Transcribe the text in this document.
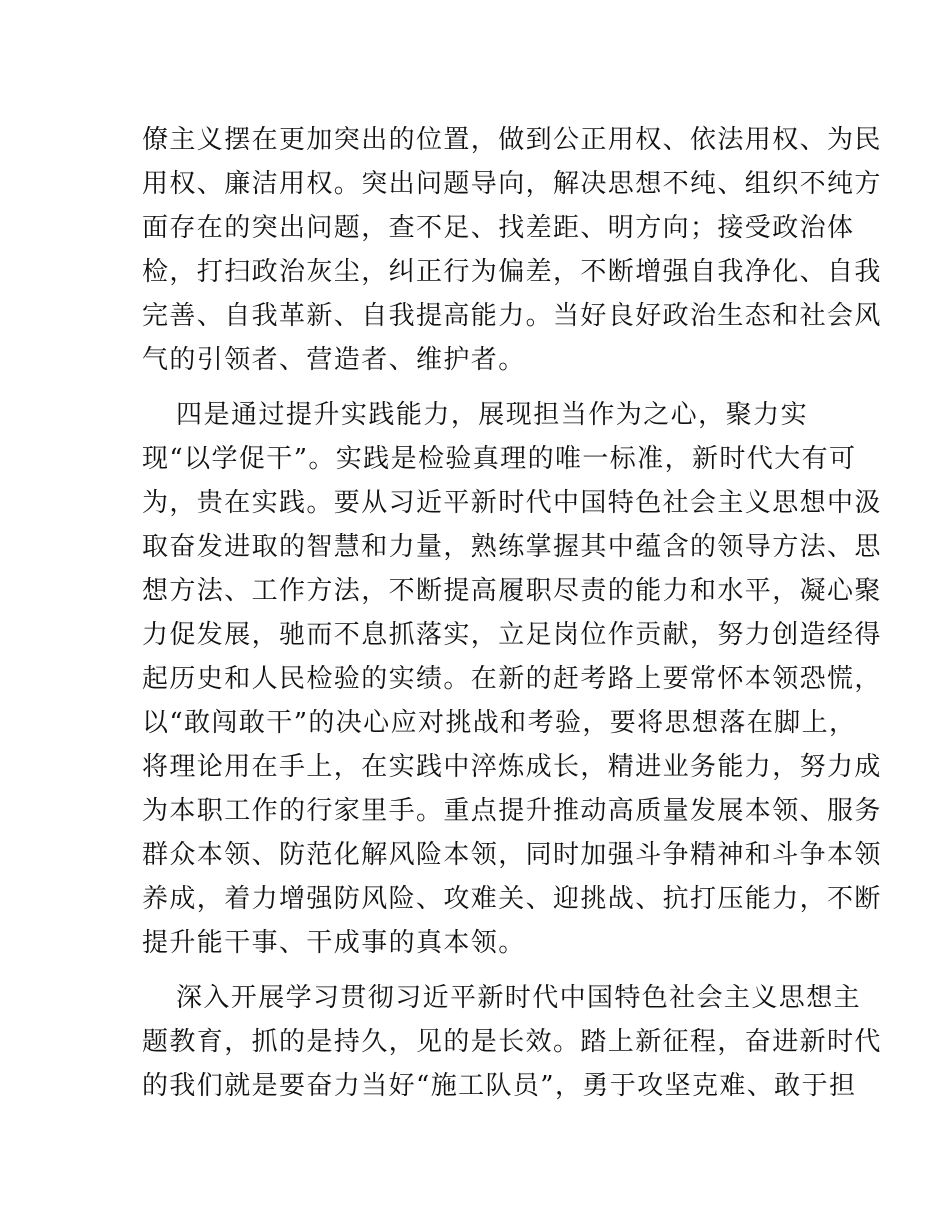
僚主义摆在更加突出的位置，做到公正用权、依法用权、为民
用权、廉洁用权。突出问题导向，解决思想不纯、组织不纯方
面存在的突出问题，查不足、找差距、明方向；接受政治体
检，打扫政治灰尘，纠正行为偏差，不断增强自我净化、自我
完善、自我革新、自我提高能力。当好良好政治生态和社会风
气的引领者、营造者、维护者。
四是通过提升实践能力，展现担当作为之心，聚力实
现“以学促干”。实践是检验真理的唯一标准，新时代大有可
为，贵在实践。要从习近平新时代中国特色社会主义思想中汲
取奋发进取的智慧和力量，熟练掌握其中蕴含的领导方法、思
想方法、工作方法，不断提高履职尽责的能力和水平，凝心聚
力促发展，驰而不息抓落实，立足岗位作贡献，努力创造经得
起历史和人民检验的实绩。在新的赶考路上要常怀本领恐慌，
以“敢闯敢干”的决心应对挑战和考验，要将思想落在脚上，
将理论用在手上，在实践中淬炼成长，精进业务能力，努力成
为本职工作的行家里手。重点提升推动高质量发展本领、服务
群众本领、防范化解风险本领，同时加强斗争精神和斗争本领
养成，着力增强防风险、攻难关、迎挑战、抗打压能力，不断
提升能干事、干成事的真本领。
深入开展学习贯彻习近平新时代中国特色社会主义思想主
题教育，抓的是持久，见的是长效。踏上新征程，奋进新时代
的我们就是要奋力当好“施工队员”，勇于攻坚克难、敢于担
